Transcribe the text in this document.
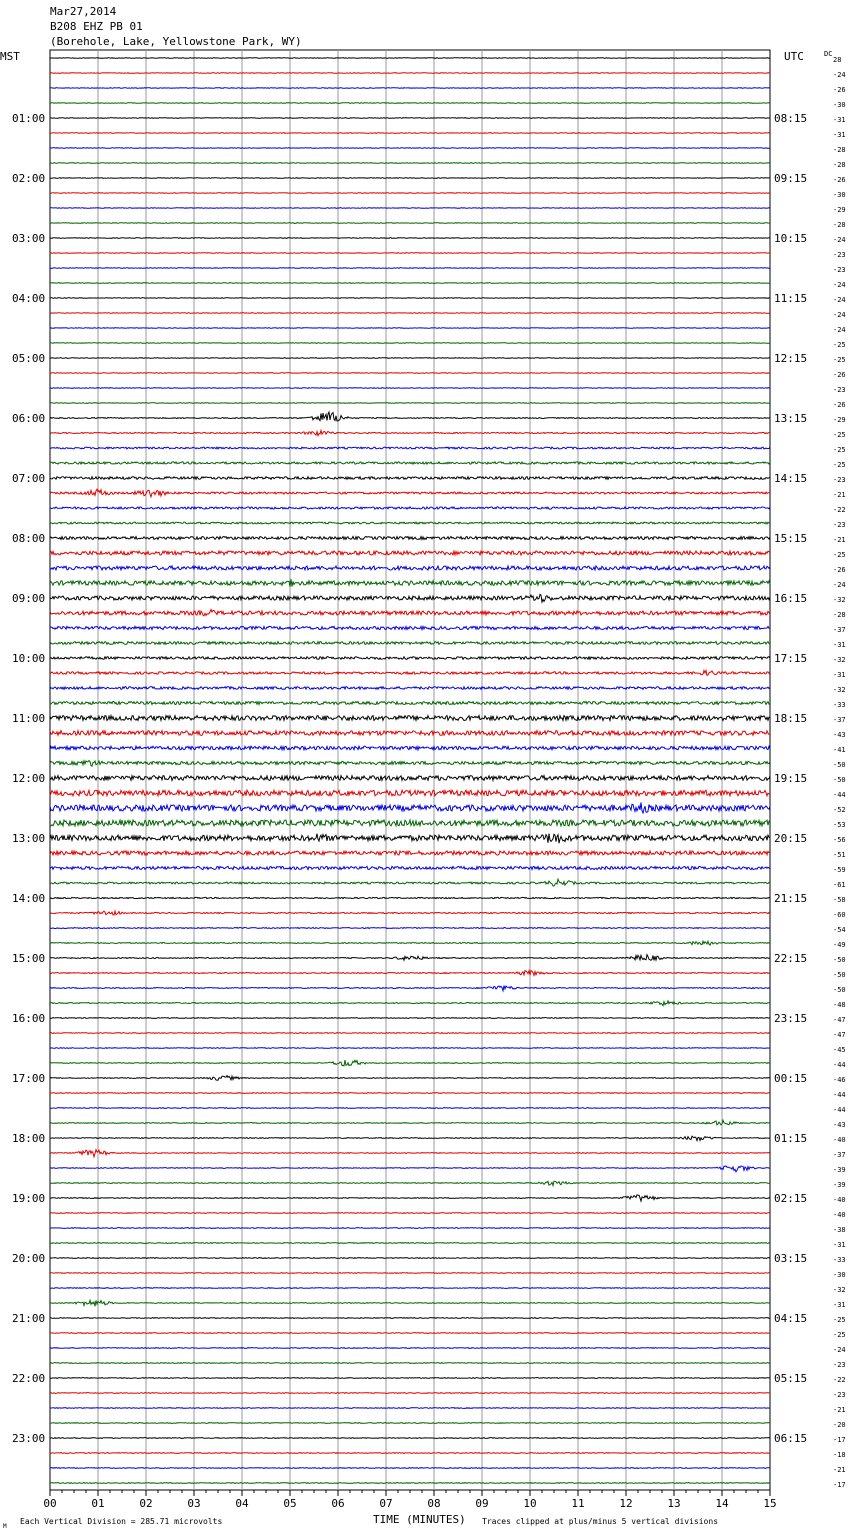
Mar27,2014
B208 EHZ PB 01
(Borehole, Lake, Yellowstone Park, WY)
28
-24
-26
-30
-31
-31
-28
-28
-26
-30
-29
-28
-24
-23
-23
-24
-24
-24
-24
-25
-25
-26
-23
-26
-29
-25
-25
-25
-23
-21
-22
-23
-21
-25
-26
-24
-32
-28
-37
-31
-32
-31
-32
-33
-37
-43
-41
-50
-50
-44
-52
-53
-56
-51
-59
-61
-58
-60
-54
-49
-50
-50
-50
-48
-47
-47
-45
-44
-46
-44
-44
-43
-40
-37
-39
-39
-40
-40
-38
-31
-33
-30
-32
-31
-25
-25
-24
-23
-22
-23
-21
-20
-17
-18
-21
-17
DC
MST	UTC
01:00
02:00
03:00
04:00
05:00
06:00
07:00
08:00
09:00
10:00
11:00
12:00
13:00
14:00
15:00
16:00
17:00
18:00
19:00
20:00
21:00
22:00
23:00
08:15
09:15
10:15
11:15
12:15
13:15
14:15
15:15
16:15
17:15
18:15
19:15
20:15
21:15
22:15
23:15
00:15
01:15
02:15
03:15
04:15
05:15
06:15
00	01	02	03	04	05	06	07	08	09	10	11	12	13	14	15
M
Each Vertical Division = 285.71 microvolts	TIME (MINUTES) Traces clipped at plus/minus 5 vertical divisions
